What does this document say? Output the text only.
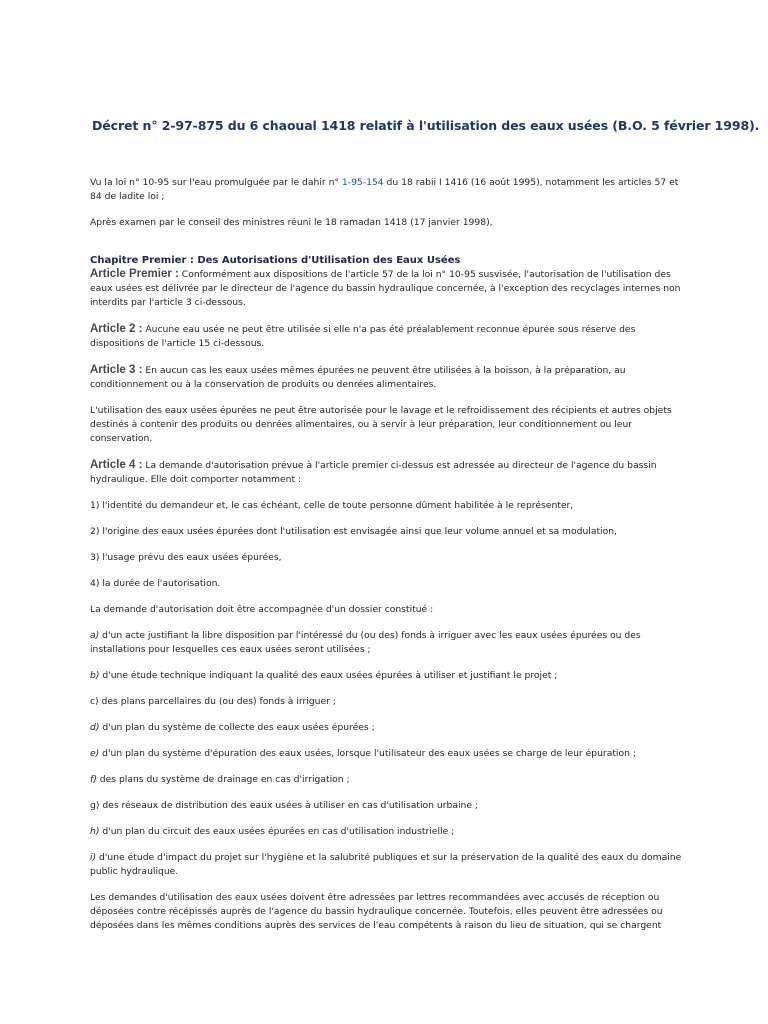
Décret n° 2-97-875 du 6 chaoual 1418 relatif à l'utilisation des eaux usées (B.O. 5 février 1998).

Vu la loi n° 10-95 sur l'eau promulguée par le dahir n° 1-95-154 du 18 rabii I 1416 (16 août 1995), notamment les articles 57 et 84 de ladite loi ;

Après examen par le conseil des ministres réuni le 18 ramadan 1418 (17 janvier 1998),

Chapitre Premier : Des Autorisations d'Utilisation des Eaux Usées

Article Premier : Conformément aux dispositions de l'article 57 de la loi n° 10-95 susvisée, l'autorisation de l'utilisation des eaux usées est délivrée par le directeur de l'agence du bassin hydraulique concernée, à l'exception des recyclages internes non interdits par l'article 3 ci-dessous.

Article 2 : Aucune eau usée ne peut être utilisée si elle n'a pas été préalablement reconnue épurée sous réserve des dispositions de l'article 15 ci-dessous.

Article 3 : En aucun cas les eaux usées mêmes épurées ne peuvent être utilisées à la boisson, à la préparation, au conditionnement ou à la conservation de produits ou denrées alimentaires.

L'utilisation des eaux usées épurées ne peut être autorisée pour le lavage et le refroidissement des récipients et autres objets destinés à contenir des produits ou denrées alimentaires, ou à servir à leur préparation, leur conditionnement ou leur conservation.

Article 4 : La demande d'autorisation prévue à l'article premier ci-dessus est adressée au directeur de l'agence du bassin hydraulique. Elle doit comporter notamment :

1) l'identité du demandeur et, le cas échéant, celle de toute personne dûment habilitée à le représenter,

2) l'origine des eaux usées épurées dont l'utilisation est envisagée ainsi que leur volume annuel et sa modulation,

3) l'usage prévu des eaux usées épurées,

4) la durée de l'autorisation.

La demande d'autorisation doit être accompagnée d'un dossier constitué :

a) d'un acte justifiant la libre disposition par l'intéressé du (ou des) fonds à irriguer avec les eaux usées épurées ou des installations pour lesquelles ces eaux usées seront utilisées ;

b) d'une étude technique indiquant la qualité des eaux usées épurées à utiliser et justifiant le projet ;

c) des plans parcellaires du (ou des) fonds à irriguer ;

d) d'un plan du système de collecte des eaux usées épurées ;

e) d'un plan du système d'épuration des eaux usées, lorsque l'utilisateur des eaux usées se charge de leur épuration ;

f) des plans du système de drainage en cas d'irrigation ;

g) des réseaux de distribution des eaux usées à utiliser en cas d'utilisation urbaine ;

h) d'un plan du circuit des eaux usées épurées en cas d'utilisation industrielle ;

i) d'une étude d'impact du projet sur l'hygiène et la salubrité publiques et sur la préservation de la qualité des eaux du domaine public hydraulique.

Les demandes d'utilisation des eaux usées doivent être adressées par lettres recommandées avec accusés de réception ou déposées contre récépissés auprès de l'agence du bassin hydraulique concernée. Toutefois, elles peuvent être adressées ou déposées dans les mêmes conditions auprès des services de l'eau compétents à raison du lieu de situation, qui se chargent
